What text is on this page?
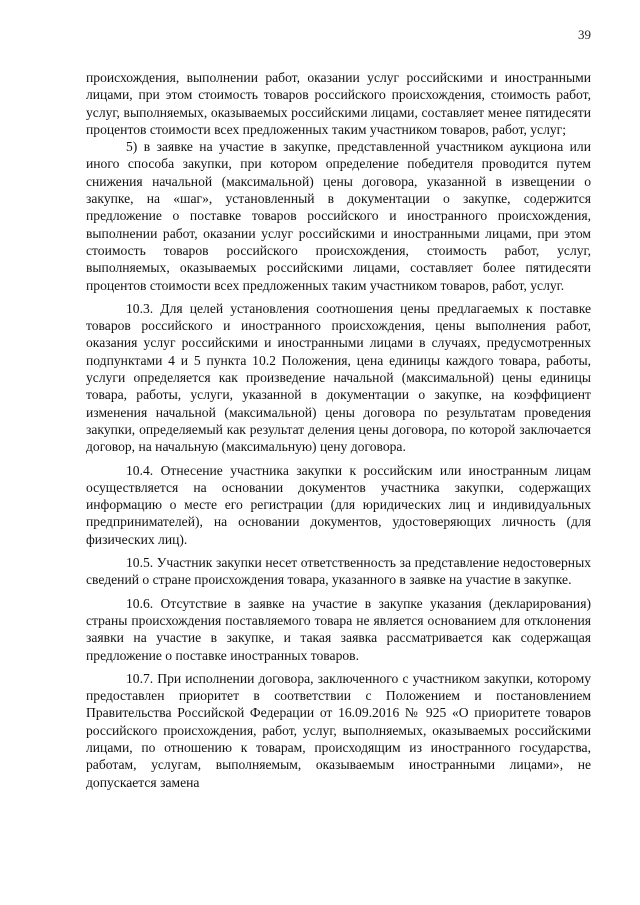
39

происхождения, выполнении работ, оказании услуг российскими и иностранными лицами, при этом стоимость товаров российского происхождения, стоимость работ, услуг, выполняемых, оказываемых российскими лицами, составляет менее пятидесяти процентов стоимости всех предложенных таким участником товаров, работ, услуг;

5) в заявке на участие в закупке, представленной участником аукциона или иного способа закупки, при котором определение победителя проводится путем снижения начальной (максимальной) цены договора, указанной в извещении о закупке, на «шаг», установленный в документации о закупке, содержится предложение о поставке товаров российского и иностранного происхождения, выполнении работ, оказании услуг российскими и иностранными лицами, при этом стоимость товаров российского происхождения, стоимость работ, услуг, выполняемых, оказываемых российскими лицами, составляет более пятидесяти процентов стоимости всех предложенных таким участником товаров, работ, услуг.

10.3. Для целей установления соотношения цены предлагаемых к поставке товаров российского и иностранного происхождения, цены выполнения работ, оказания услуг российскими и иностранными лицами в случаях, предусмотренных подпунктами 4 и 5 пункта 10.2 Положения, цена единицы каждого товара, работы, услуги определяется как произведение начальной (максимальной) цены единицы товара, работы, услуги, указанной в документации о закупке, на коэффициент изменения начальной (максимальной) цены договора по результатам проведения закупки, определяемый как результат деления цены договора, по которой заключается договор, на начальную (максимальную) цену договора.

10.4. Отнесение участника закупки к российским или иностранным лицам осуществляется на основании документов участника закупки, содержащих информацию о месте его регистрации (для юридических лиц и индивидуальных предпринимателей), на основании документов, удостоверяющих личность (для физических лиц).

10.5. Участник закупки несет ответственность за представление недостоверных сведений о стране происхождения товара, указанного в заявке на участие в закупке.

10.6. Отсутствие в заявке на участие в закупке указания (декларирования) страны происхождения поставляемого товара не является основанием для отклонения заявки на участие в закупке, и такая заявка рассматривается как содержащая предложение о поставке иностранных товаров.

10.7. При исполнении договора, заключенного с участником закупки, которому предоставлен приоритет в соответствии с Положением и постановлением Правительства Российской Федерации от 16.09.2016 № 925 «О приоритете товаров российского происхождения, работ, услуг, выполняемых, оказываемых российскими лицами, по отношению к товарам, происходящим из иностранного государства, работам, услугам, выполняемым, оказываемым иностранными лицами», не допускается замена
